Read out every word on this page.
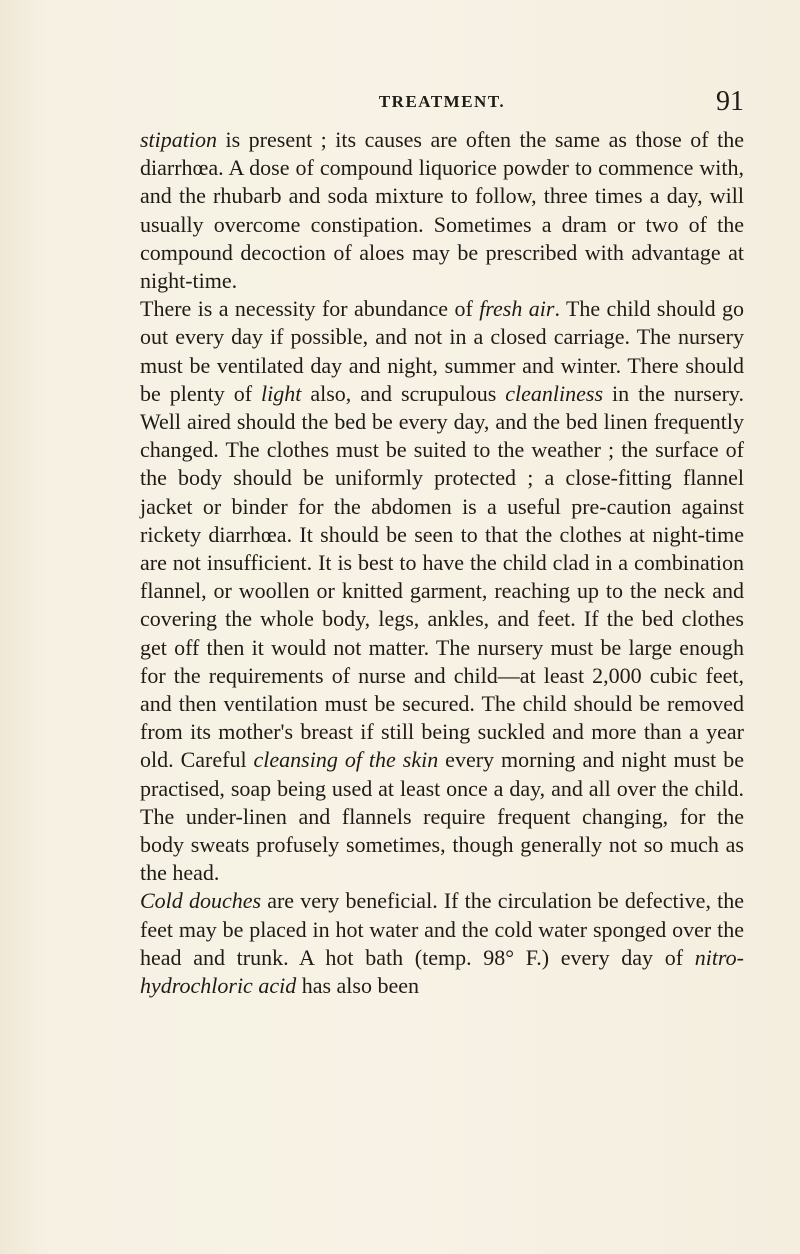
TREATMENT.	91

stipation is present ; its causes are often the same as those of the diarrhœa. A dose of compound liquorice powder to commence with, and the rhubarb and soda mixture to follow, three times a day, will usually overcome constipation. Sometimes a dram or two of the compound decoction of aloes may be prescribed with advantage at night-time.

There is a necessity for abundance of fresh air. The child should go out every day if possible, and not in a closed carriage. The nursery must be ventilated day and night, summer and winter. There should be plenty of light also, and scrupulous cleanliness in the nursery. Well aired should the bed be every day, and the bed linen frequently changed. The clothes must be suited to the weather ; the surface of the body should be uniformly protected ; a close-fitting flannel jacket or binder for the abdomen is a useful pre-caution against rickety diarrhœa. It should be seen to that the clothes at night-time are not insufficient. It is best to have the child clad in a combination flannel, or woollen or knitted garment, reaching up to the neck and covering the whole body, legs, ankles, and feet. If the bed clothes get off then it would not matter. The nursery must be large enough for the requirements of nurse and child—at least 2,000 cubic feet, and then ventilation must be secured. The child should be removed from its mother's breast if still being suckled and more than a year old. Careful cleansing of the skin every morning and night must be practised, soap being used at least once a day, and all over the child. The under-linen and flannels require frequent changing, for the body sweats profusely sometimes, though generally not so much as the head.

Cold douches are very beneficial. If the circulation be defective, the feet may be placed in hot water and the cold water sponged over the head and trunk. A hot bath (temp. 98° F.) every day of nitro-hydrochloric acid has also been
